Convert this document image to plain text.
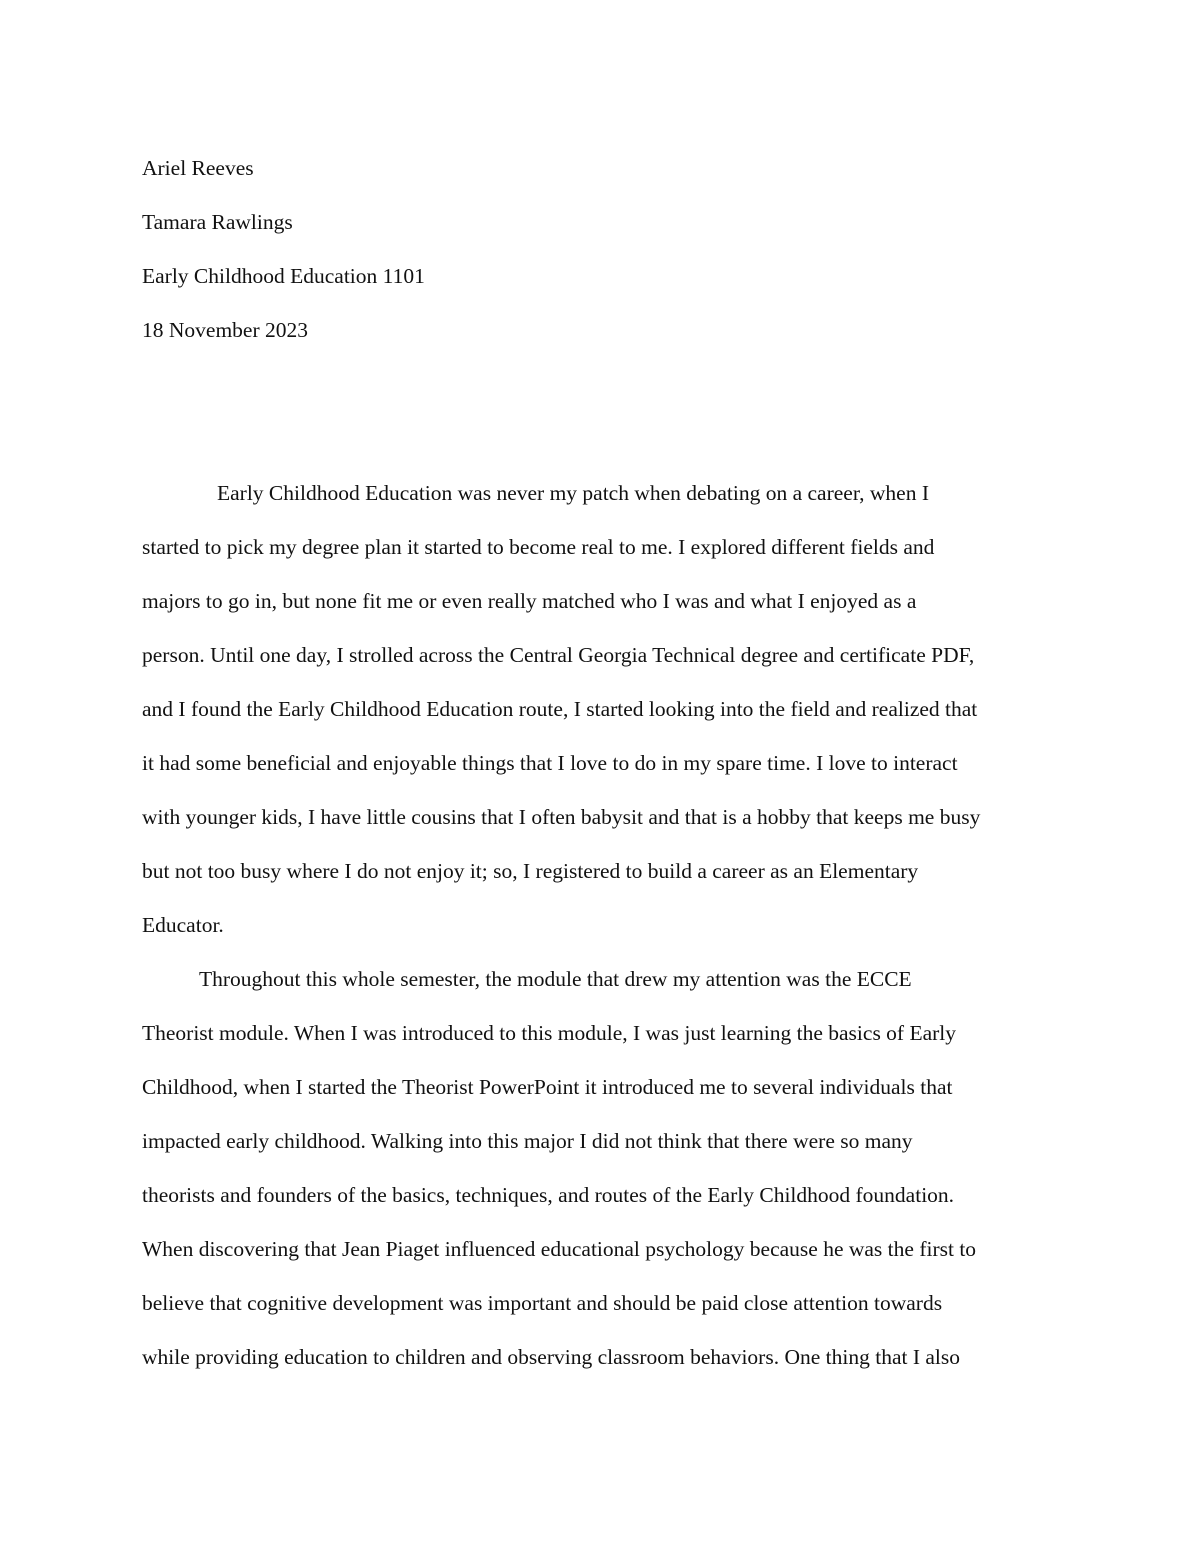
Ariel Reeves
Tamara Rawlings
Early Childhood Education 1101
18 November 2023
Early Childhood Education was never my patch when debating on a career, when I
started to pick my degree plan it started to become real to me. I explored different fields and
majors to go in, but none fit me or even really matched who I was and what I enjoyed as a
person. Until one day, I strolled across the Central Georgia Technical degree and certificate PDF,
and I found the Early Childhood Education route, I started looking into the field and realized that
it had some beneficial and enjoyable things that I love to do in my spare time. I love to interact
with younger kids, I have little cousins that I often babysit and that is a hobby that keeps me busy
but not too busy where I do not enjoy it; so, I registered to build a career as an Elementary
Educator.
Throughout this whole semester, the module that drew my attention was the ECCE
Theorist module. When I was introduced to this module, I was just learning the basics of Early
Childhood, when I started the Theorist PowerPoint it introduced me to several individuals that
impacted early childhood. Walking into this major I did not think that there were so many
theorists and founders of the basics, techniques, and routes of the Early Childhood foundation.
When discovering that Jean Piaget influenced educational psychology because he was the first to
believe that cognitive development was important and should be paid close attention towards
while providing education to children and observing classroom behaviors. One thing that I also
